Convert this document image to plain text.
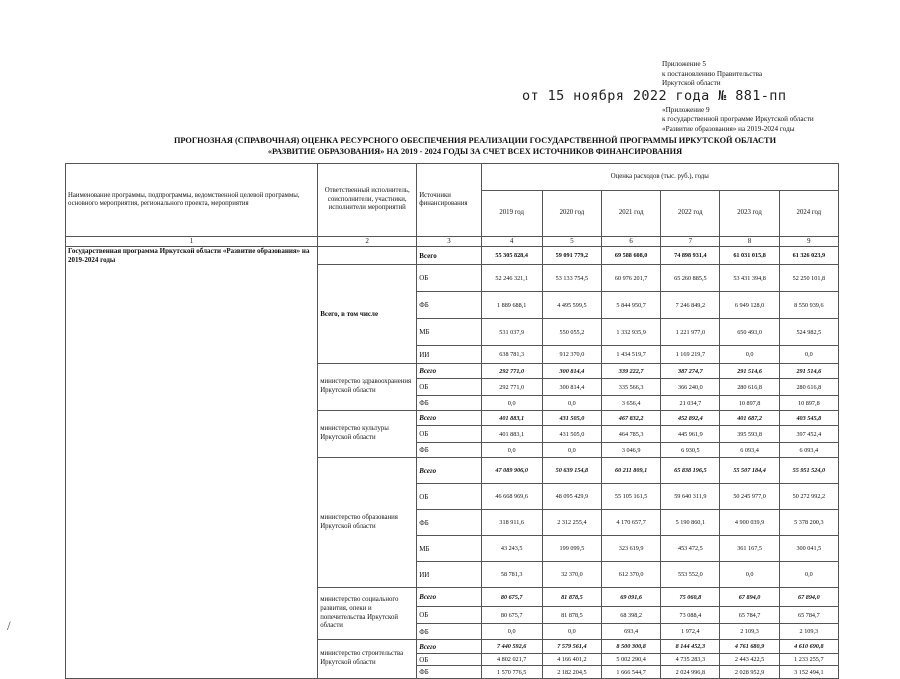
Приложение 5
к постановлению Правительства
Иркутской области
«Приложение 9
к государственной программе Иркутской области
«Развитие образования» на 2019-2024 годы
от 15 ноября 2022 года № 881-пп
ПРОГНОЗНАЯ (СПРАВОЧНАЯ) ОЦЕНКА РЕСУРСНОГО ОБЕСПЕЧЕНИЯ РЕАЛИЗАЦИИ ГОСУДАРСТВЕННОЙ ПРОГРАММЫ ИРКУТСКОЙ ОБЛАСТИ
«РАЗВИТИЕ ОБРАЗОВАНИЯ» НА 2019 - 2024 ГОДЫ ЗА СЧЕТ ВСЕХ ИСТОЧНИКОВ ФИНАНСИРОВАНИЯ
Наименование программы, подпрограммы, ведомственной целевой программы, основного мероприятия, регионального проекта, мероприятия	Ответственный исполнитель, соисполнители, участники, исполнители мероприятий	Источники финансирования	Оценка расходов (тыс. руб.), годы					
			2019 год	2020 год	2021 год	2022 год	2023 год	2024 год
1	2	3	4	5	6	7	8	9
Государственная программа Иркутской области «Развитие образования» на 2019-2024 годы		Всего	55 305 828,4	59 091 779,2	69 588 608,0	74 898 931,4	61 031 015,8	61 326 023,9
	Всего, в том числе	ОБ	52 246 321,1	53 133 754,5	60 976 201,7	65 260 885,5	53 431 394,8	52 250 101,8
		ФБ	1 889 688,1	4 495 599,5	5 844 950,7	7 246 849,2	6 949 128,0	8 550 939,6
		МБ	531 037,9	550 055,2	1 332 935,9	1 221 977,0	650 493,0	524 982,5
		ИИ	638 781,3	912 370,0	1 434 519,7	1 169 219,7	0,0	0,0
	министерство здравоохранения Иркутской области	Всего	292 771,0	300 814,4	339 222,7	387 274,7	291 514,6	291 514,6
		ОБ	292 771,0	300 814,4	335 566,3	366 240,0	280 616,8	280 616,8
		ФБ	0,0	0,0	3 656,4	21 034,7	10 897,8	10 897,8
	министерство культуры Иркутской области	Всего	401 883,1	431 505,0	467 832,2	452 892,4	401 687,2	403 545,8
		ОБ	401 883,1	431 505,0	464 785,3	445 961,9	395 593,8	397 452,4
		ФБ	0,0	0,0	3 046,9	6 930,5	6 093,4	6 093,4
	министерство образования Иркутской области	Всего	47 089 906,0	50 639 154,8	60 211 809,1	65 838 196,5	55 507 184,4	55 951 524,0
		ОБ	46 668 969,6	48 095 429,9	55 105 161,5	59 640 311,9	50 245 977,0	50 272 992,2
		ФБ	318 911,6	2 312 255,4	4 170 657,7	5 190 860,1	4 900 039,9	5 378 200,3
		МБ	43 243,5	199 099,5	323 619,9	453 472,5	361 167,5	300 041,5
		ИИ	58 781,3	32 370,0	612 370,0	553 552,0	0,0	0,0
	министерство социального развития, опеки и попечительства Иркутской области	Всего	80 675,7	81 878,5	69 091,6	75 060,8	67 894,0	67 894,0
		ОБ	80 675,7	81 878,5	68 398,2	73 088,4	65 784,7	65 784,7
		ФБ	0,0	0,0	693,4	1 972,4	2 109,3	2 109,3
	министерство строительства Иркутской области	Всего	7 440 592,6	7 579 561,4	8 500 300,8	8 144 452,3	4 761 680,9	4 610 690,8
		ОБ	4 802 021,7	4 166 401,2	5 002 290,4	4 735 283,3	2 443 422,5	1 233 255,7
		ФБ	1 570 776,5	2 182 204,5	1 666 544,7	2 024 996,8	2 028 952,9	3 152 494,1
/
